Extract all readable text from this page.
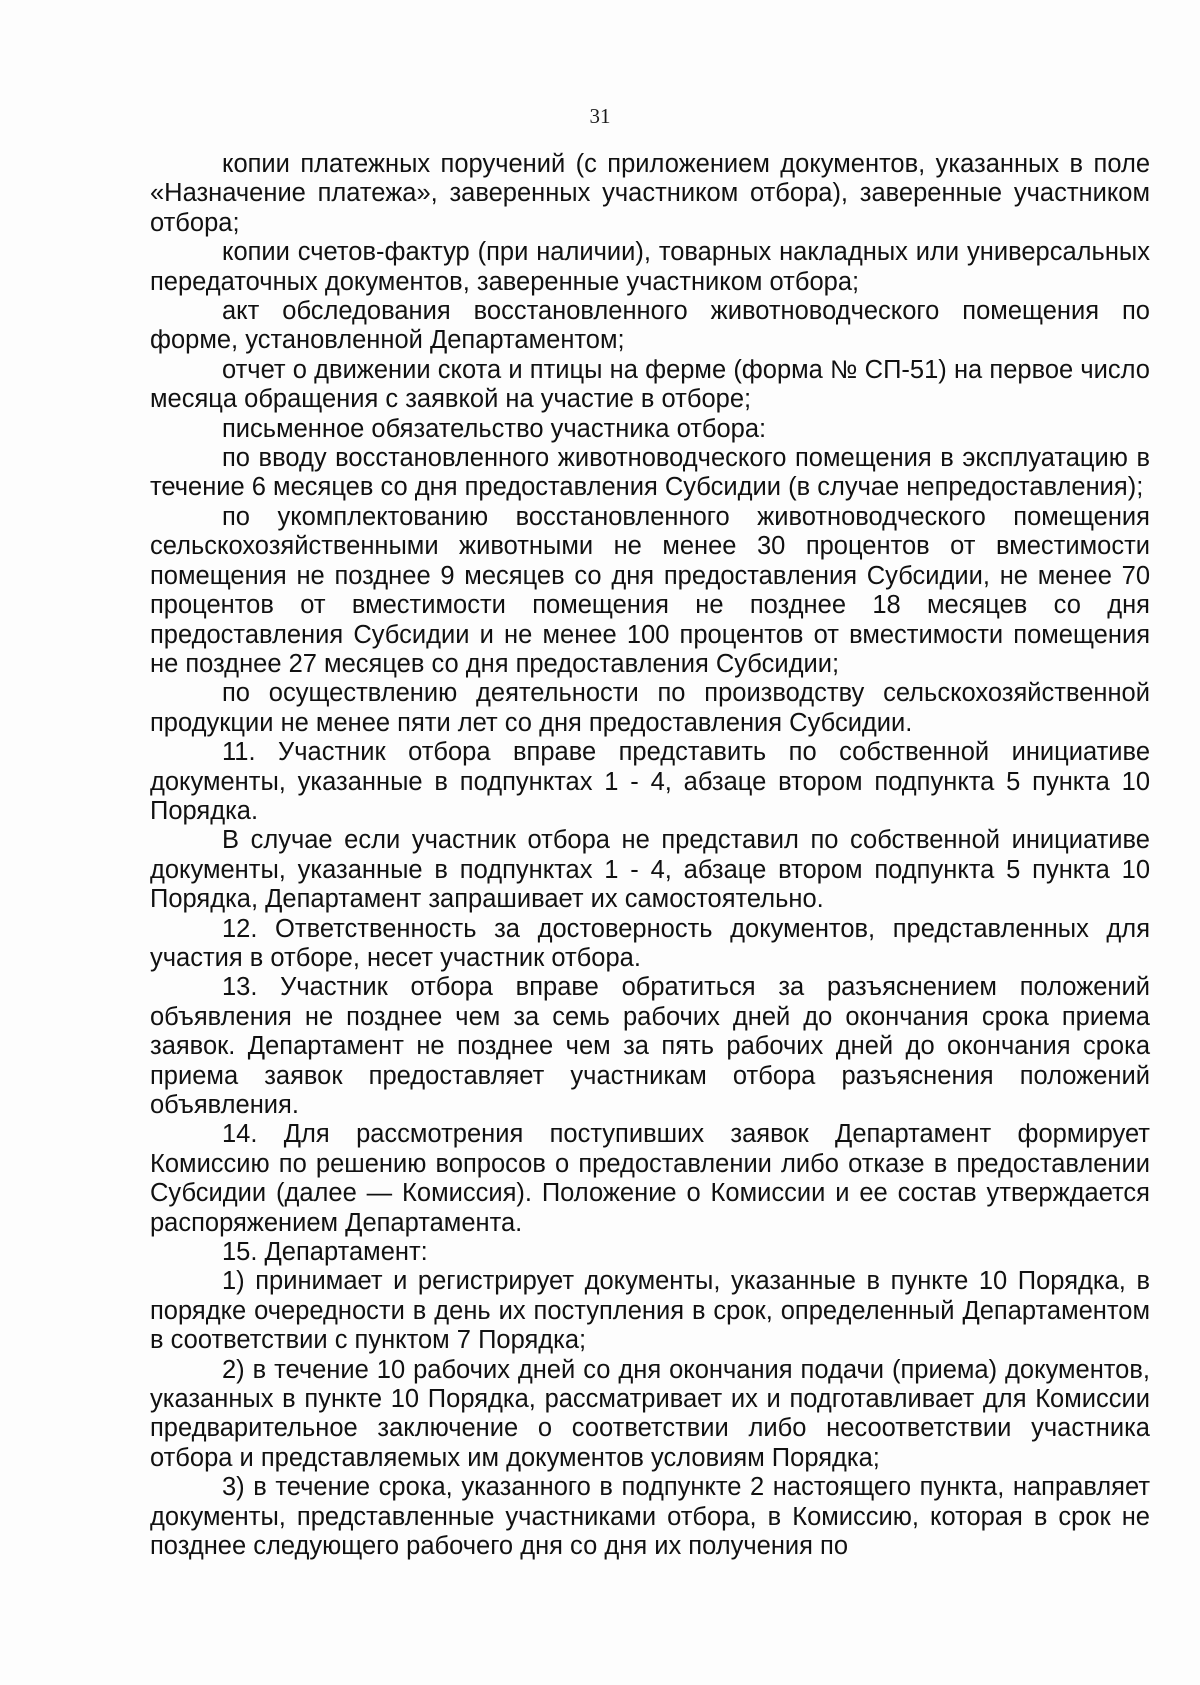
31

копии платежных поручений (с приложением документов, указанных в поле «Назначение платежа», заверенных участником отбора), заверенные участником отбора;

копии счетов-фактур (при наличии), товарных накладных или универсальных передаточных документов, заверенные участником отбора;

акт обследования восстановленного животноводческого помещения по форме, установленной Департаментом;

отчет о движении скота и птицы на ферме (форма № СП-51) на первое число месяца обращения с заявкой на участие в отборе;

письменное обязательство участника отбора:

по вводу восстановленного животноводческого помещения в эксплуатацию в течение 6 месяцев со дня предоставления Субсидии (в случае непредоставления);

по укомплектованию восстановленного животноводческого помещения сельскохозяйственными животными не менее 30 процентов от вместимости помещения не позднее 9 месяцев со дня предоставления Субсидии, не менее 70 процентов от вместимости помещения не позднее 18 месяцев со дня предоставления Субсидии и не менее 100 процентов от вместимости помещения не позднее 27 месяцев со дня предоставления Субсидии;

по осуществлению деятельности по производству сельскохозяйственной продукции не менее пяти лет со дня предоставления Субсидии.

11. Участник отбора вправе представить по собственной инициативе документы, указанные в подпунктах 1 - 4, абзаце втором подпункта 5 пункта 10 Порядка.

В случае если участник отбора не представил по собственной инициативе документы, указанные в подпунктах 1 - 4, абзаце втором подпункта 5 пункта 10 Порядка, Департамент запрашивает их самостоятельно.

12. Ответственность за достоверность документов, представленных для участия в отборе, несет участник отбора.

13. Участник отбора вправе обратиться за разъяснением положений объявления не позднее чем за семь рабочих дней до окончания срока приема заявок. Департамент не позднее чем за пять рабочих дней до окончания срока приема заявок предоставляет участникам отбора разъяснения положений объявления.

14. Для рассмотрения поступивших заявок Департамент формирует Комиссию по решению вопросов о предоставлении либо отказе в предоставлении Субсидии (далее — Комиссия). Положение о Комиссии и ее состав утверждается распоряжением Департамента.

15. Департамент:

1) принимает и регистрирует документы, указанные в пункте 10 Порядка, в порядке очередности в день их поступления в срок, определенный Департаментом в соответствии с пунктом 7 Порядка;

2) в течение 10 рабочих дней со дня окончания подачи (приема) документов, указанных в пункте 10 Порядка, рассматривает их и подготавливает для Комиссии предварительное заключение о соответствии либо несоответствии участника отбора и представляемых им документов условиям Порядка;

3) в течение срока, указанного в подпункте 2 настоящего пункта, направляет документы, представленные участниками отбора, в Комиссию, которая в срок не позднее следующего рабочего дня со дня их получения по
